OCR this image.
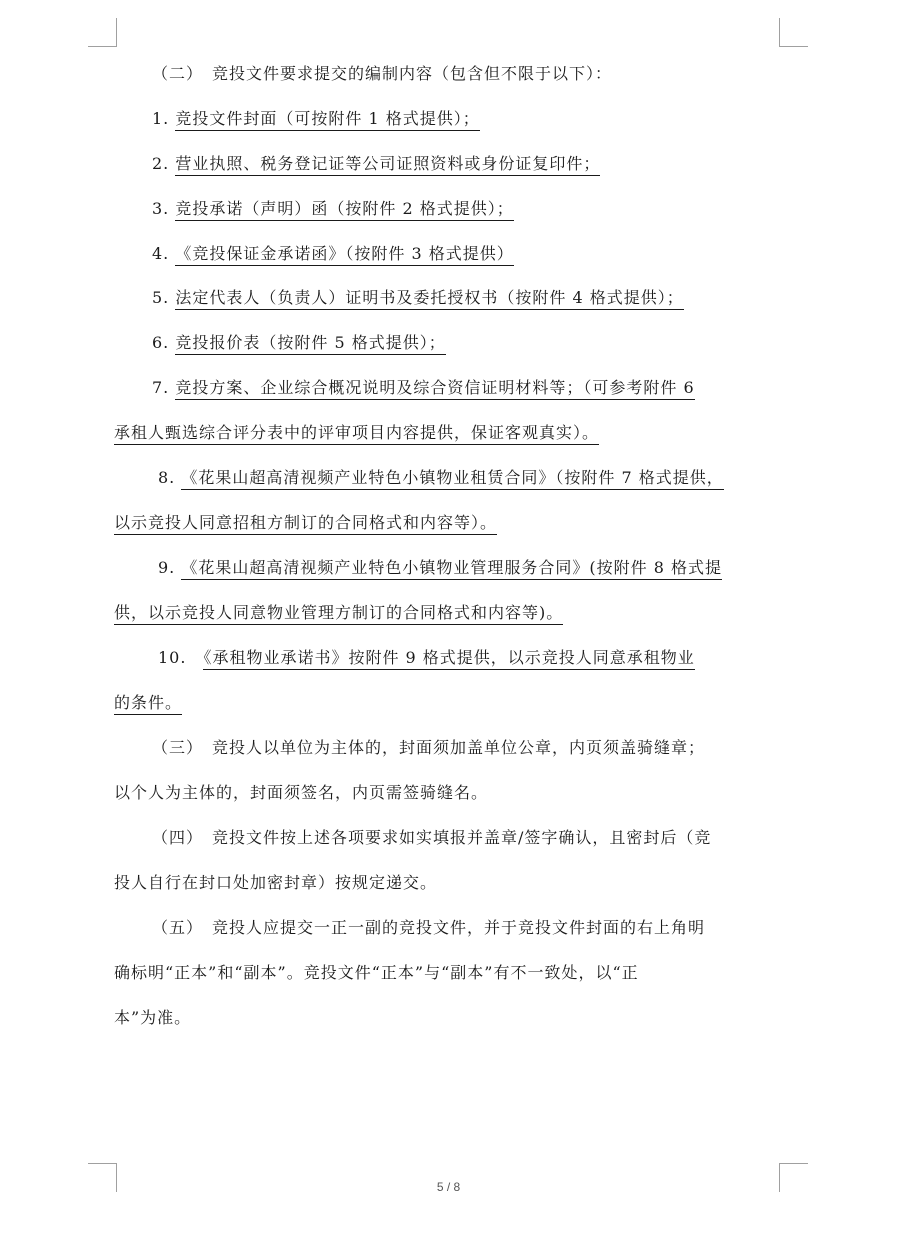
（二）　竞投文件要求提交的编制内容（包含但不限于以下）：
1. 竞投文件封面（可按附件 1 格式提供）；
2. 营业执照、税务登记证等公司证照资料或身份证复印件；
3. 竞投承诺（声明）函（按附件 2 格式提供）；
4. 《竞投保证金承诺函》（按附件 3 格式提供）
5. 法定代表人（负责人）证明书及委托授权书（按附件 4 格式提供）；
6. 竞投报价表（按附件 5 格式提供）；
7. 竞投方案、企业综合概况说明及综合资信证明材料等；（可参考附件 6
承租人甄选综合评分表中的评审项目内容提供，保证客观真实）。
8. 《花果山超高清视频产业特色小镇物业租赁合同》（按附件 7 格式提供，
以示竞投人同意招租方制订的合同格式和内容等）。
9. 《花果山超高清视频产业特色小镇物业管理服务合同》(按附件 8 格式提
供，以示竞投人同意物业管理方制订的合同格式和内容等)。
10.　《承租物业承诺书》按附件 9 格式提供，以示竞投人同意承租物业
的条件。
（三）　竞投人以单位为主体的，封面须加盖单位公章，内页须盖骑缝章；
以个人为主体的，封面须签名，内页需签骑缝名。
（四）　竞投文件按上述各项要求如实填报并盖章/签字确认，且密封后（竞
投人自行在封口处加密封章）按规定递交。
（五）　竞投人应提交一正一副的竞投文件，并于竞投文件封面的右上角明
确标明“正本”和“副本”。竞投文件“正本”与“副本”有不一致处，以“正
本”为准。
5 / 8
